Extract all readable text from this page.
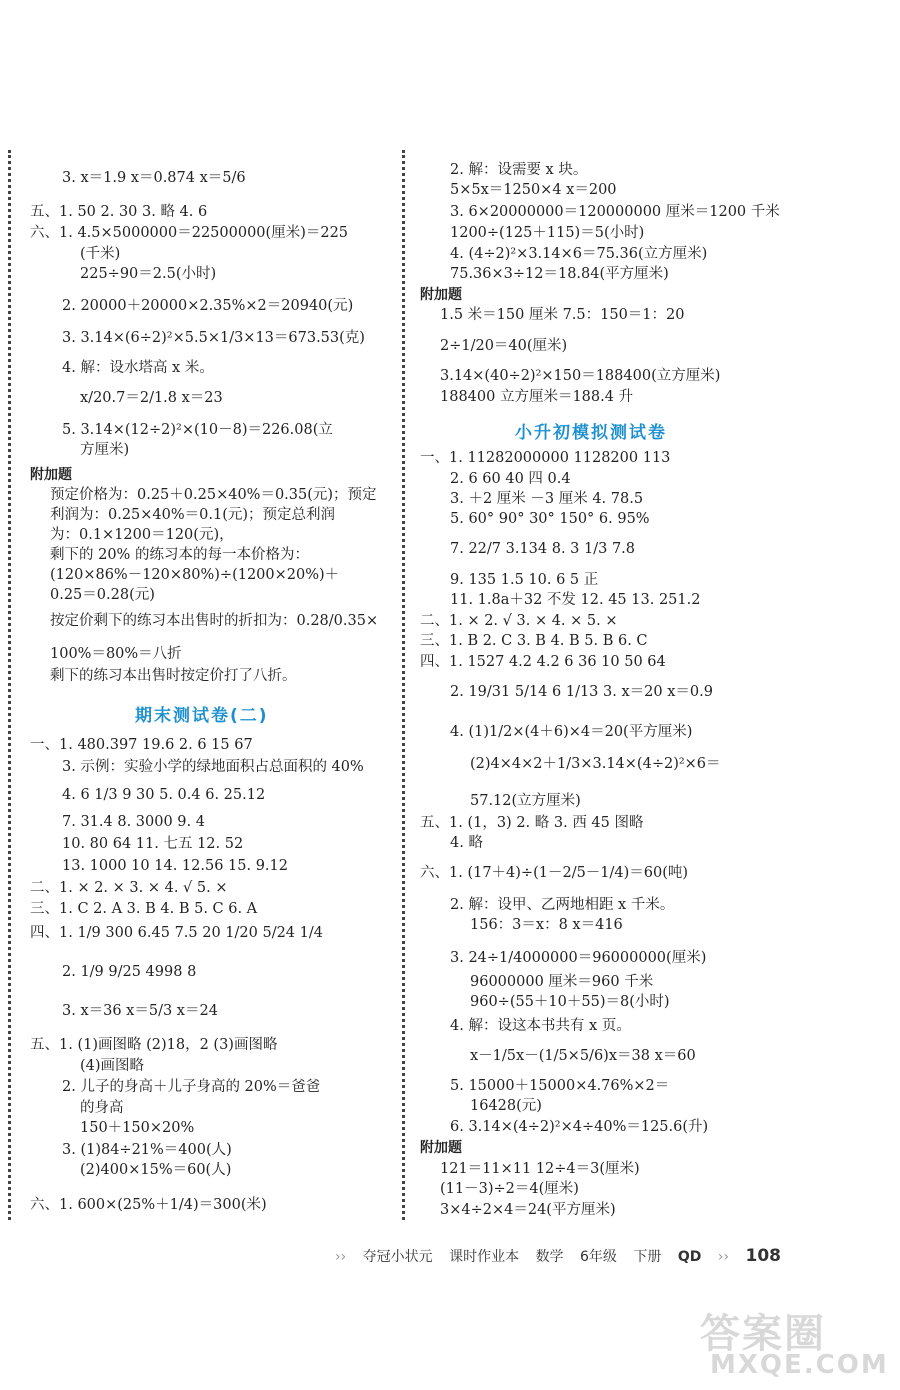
3. x＝1.9 x＝0.874 x＝5/6
五、1. 50 2. 30 3. 略 4. 6
六、1. 4.5×5000000＝22500000(厘米)＝225
(千米)
225÷90＝2.5(小时)
2. 20000＋20000×2.35%×2＝20940(元)
3. 3.14×(6÷2)²×5.5×1/3×13＝673.53(克)
4. 解：设水塔高 x 米。
x/20.7＝2/1.8 x＝23
5. 3.14×(12÷2)²×(10－8)＝226.08(立
方厘米)
附加题
预定价格为：0.25＋0.25×40%＝0.35(元)；预定
利润为：0.25×40%＝0.1(元)；预定总利润
为：0.1×1200＝120(元)，
剩下的 20% 的练习本的每一本价格为：
(120×86%－120×80%)÷(1200×20%)＋
0.25＝0.28(元)
按定价剩下的练习本出售时的折扣为：0.28/0.35×
100%＝80%＝八折
剩下的练习本出售时按定价打了八折。
期末测试卷(二)
一、1. 480.397 19.6 2. 6 15 67
3. 示例：实验小学的绿地面积占总面积的 40%
4. 6 1/3 9 30 5. 0.4 6. 25.12
7. 31.4 8. 3000 9. 4
10. 80 64 11. 七五 12. 52
13. 1000 10 14. 12.56 15. 9.12
二、1. × 2. × 3. × 4. √ 5. ×
三、1. C 2. A 3. B 4. B 5. C 6. A
四、1. 1/9 300 6.45 7.5 20 1/20 5/24 1/4
2. 1/9 9/25 4998 8
3. x＝36 x＝5/3 x＝24
五、1. (1)画图略 (2)18，2 (3)画图略
(4)画图略
2. 儿子的身高＋儿子身高的 20%＝爸爸
的身高
150＋150×20%
3. (1)84÷21%＝400(人)
(2)400×15%＝60(人)
六、1. 600×(25%＋1/4)＝300(米)
2. 解：设需要 x 块。
5×5x＝1250×4 x＝200
3. 6×20000000＝120000000 厘米＝1200 千米
1200÷(125＋115)＝5(小时)
4. (4÷2)²×3.14×6＝75.36(立方厘米)
75.36×3÷12＝18.84(平方厘米)
附加题
1.5 米＝150 厘米 7.5：150＝1：20
2÷1/20＝40(厘米)
3.14×(40÷2)²×150＝188400(立方厘米)
188400 立方厘米＝188.4 升
小升初模拟测试卷
一、1. 11282000000 1128200 113
2. 6 60 40 四 0.4
3. ＋2 厘米 －3 厘米 4. 78.5
5. 60° 90° 30° 150° 6. 95%
7. 22/7 3.134 8. 3 1/3 7.8
9. 135 1.5 10. 6 5 正
11. 1.8a＋32 不发 12. 45 13. 251.2
二、1. × 2. √ 3. × 4. × 5. ×
三、1. B 2. C 3. B 4. B 5. B 6. C
四、1. 1527 4.2 4.2 6 36 10 50 64
2. 19/31 5/14 6 1/13 3. x＝20 x＝0.9
4. (1)1/2×(4＋6)×4＝20(平方厘米)
(2)4×4×2＋1/3×3.14×(4÷2)²×6＝
57.12(立方厘米)
五、1. (1，3) 2. 略 3. 西 45 图略
4. 略
六、1. (17＋4)÷(1－2/5－1/4)＝60(吨)
2. 解：设甲、乙两地相距 x 千米。
156：3＝x：8 x＝416
3. 24÷1/4000000＝96000000(厘米)
96000000 厘米＝960 千米
960÷(55＋10＋55)＝8(小时)
4. 解：设这本书共有 x 页。
x－1/5x－(1/5×5/6)x＝38 x＝60
5. 15000＋15000×4.76%×2＝
16428(元)
6. 3.14×(4÷2)²×4÷40%＝125.6(升)
附加题
121＝11×11 12÷4＝3(厘米)
(11－3)÷2＝4(厘米)
3×4÷2×4＝24(平方厘米)
›› 夺冠小状元 课时作业本 数学 6年级 下册 QD ›› 108
答案圈
MXQE.COM
